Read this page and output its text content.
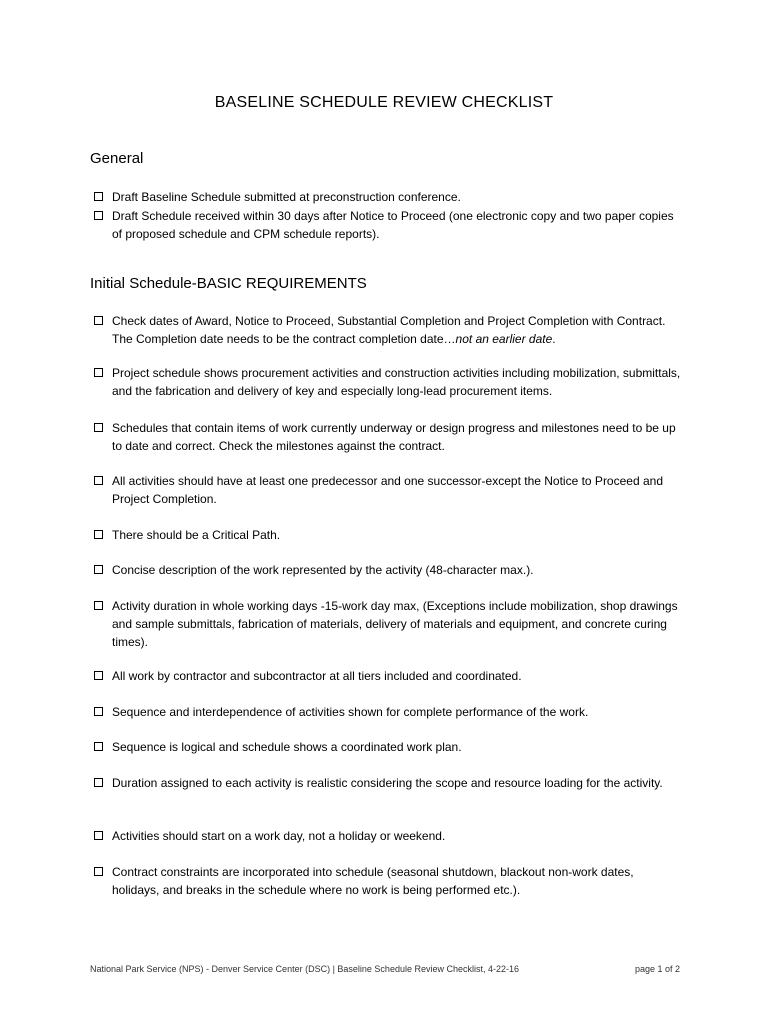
BASELINE SCHEDULE REVIEW CHECKLIST
General
Draft Baseline Schedule submitted at preconstruction conference.
Draft Schedule received within 30 days after Notice to Proceed (one electronic copy and two paper copies of proposed schedule and CPM schedule reports).
Initial Schedule-BASIC REQUIREMENTS
Check dates of Award, Notice to Proceed, Substantial Completion and Project Completion with Contract. The Completion date needs to be the contract completion date…not an earlier date.
Project schedule shows procurement activities and construction activities including mobilization, submittals, and the fabrication and delivery of key and especially long-lead procurement items.
Schedules that contain items of work currently underway or design progress and milestones need to be up to date and correct. Check the milestones against the contract.
All activities should have at least one predecessor and one successor-except the Notice to Proceed and Project Completion.
There should be a Critical Path.
Concise description of the work represented by the activity (48-character max.).
Activity duration in whole working days -15-work day max, (Exceptions include mobilization, shop drawings and sample submittals, fabrication of materials, delivery of materials and equipment, and concrete curing times).
All work by contractor and subcontractor at all tiers included and coordinated.
Sequence and interdependence of activities shown for complete performance of the work.
Sequence is logical and schedule shows a coordinated work plan.
Duration assigned to each activity is realistic considering the scope and resource loading for the activity.
Activities should start on a work day, not a holiday or weekend.
Contract constraints are incorporated into schedule (seasonal shutdown, blackout non-work dates, holidays, and breaks in the schedule where no work is being performed etc.).
National Park Service (NPS) - Denver Service Center (DSC) | Baseline Schedule Review Checklist, 4-22-16	page 1 of 2
